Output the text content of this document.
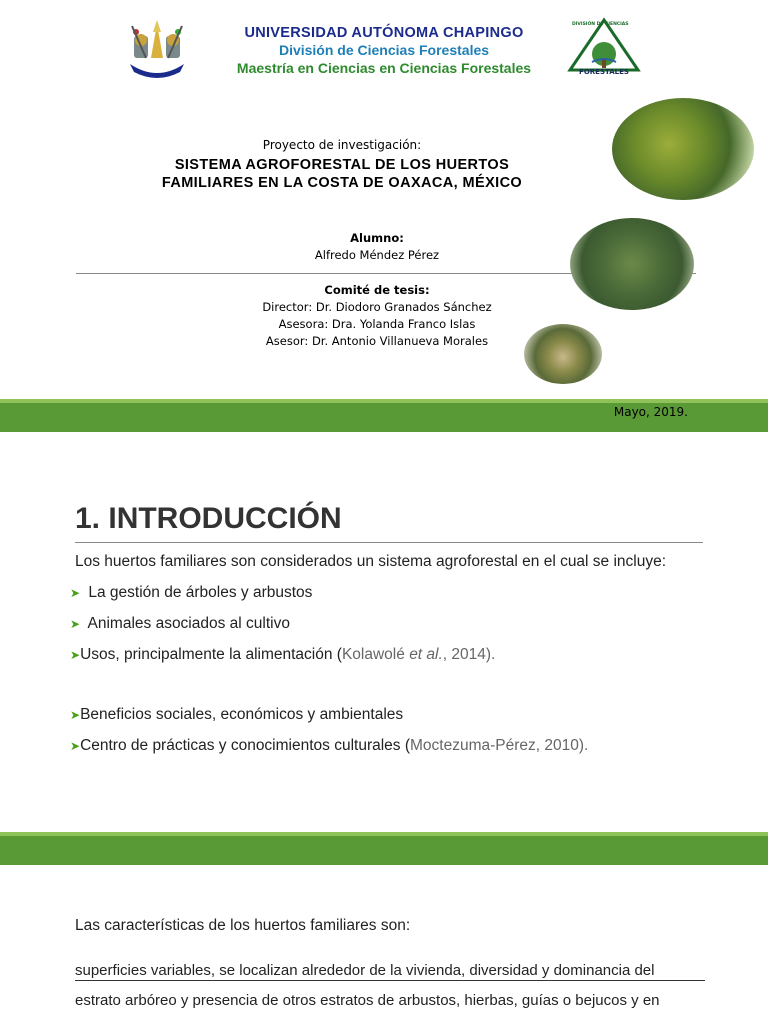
UNIVERSIDAD AUTÓNOMA CHAPINGO
División de Ciencias Forestales
Maestría en Ciencias en Ciencias Forestales
DIVISIÓN DE CIENCIAS
FORESTALES
Proyecto de investigación:
SISTEMA AGROFORESTAL DE LOS HUERTOS
FAMILIARES EN LA COSTA DE OAXACA, MÉXICO
Alumno:
Alfredo Méndez Pérez
Comité de tesis:
Director: Dr. Diodoro Granados Sánchez
Asesora: Dra. Yolanda Franco Islas
Asesor: Dr. Antonio Villanueva Morales
Mayo, 2019.
1. INTRODUCCIÓN
Los huertos familiares son considerados un sistema agroforestal en el cual se incluye:
➤ La gestión de árboles y arbustos
➤ Animales asociados al cultivo
➤Usos, principalmente la alimentación (Kolawolé et al., 2014).
➤Beneficios sociales, económicos y ambientales
➤Centro de prácticas y conocimientos culturales (Moctezuma-Pérez, 2010).
Las características de los huertos familiares son:
superficies variables, se localizan alrededor de la vivienda, diversidad y dominancia del
estrato arbóreo y presencia de otros estratos de arbustos, hierbas, guías o bejucos y en
